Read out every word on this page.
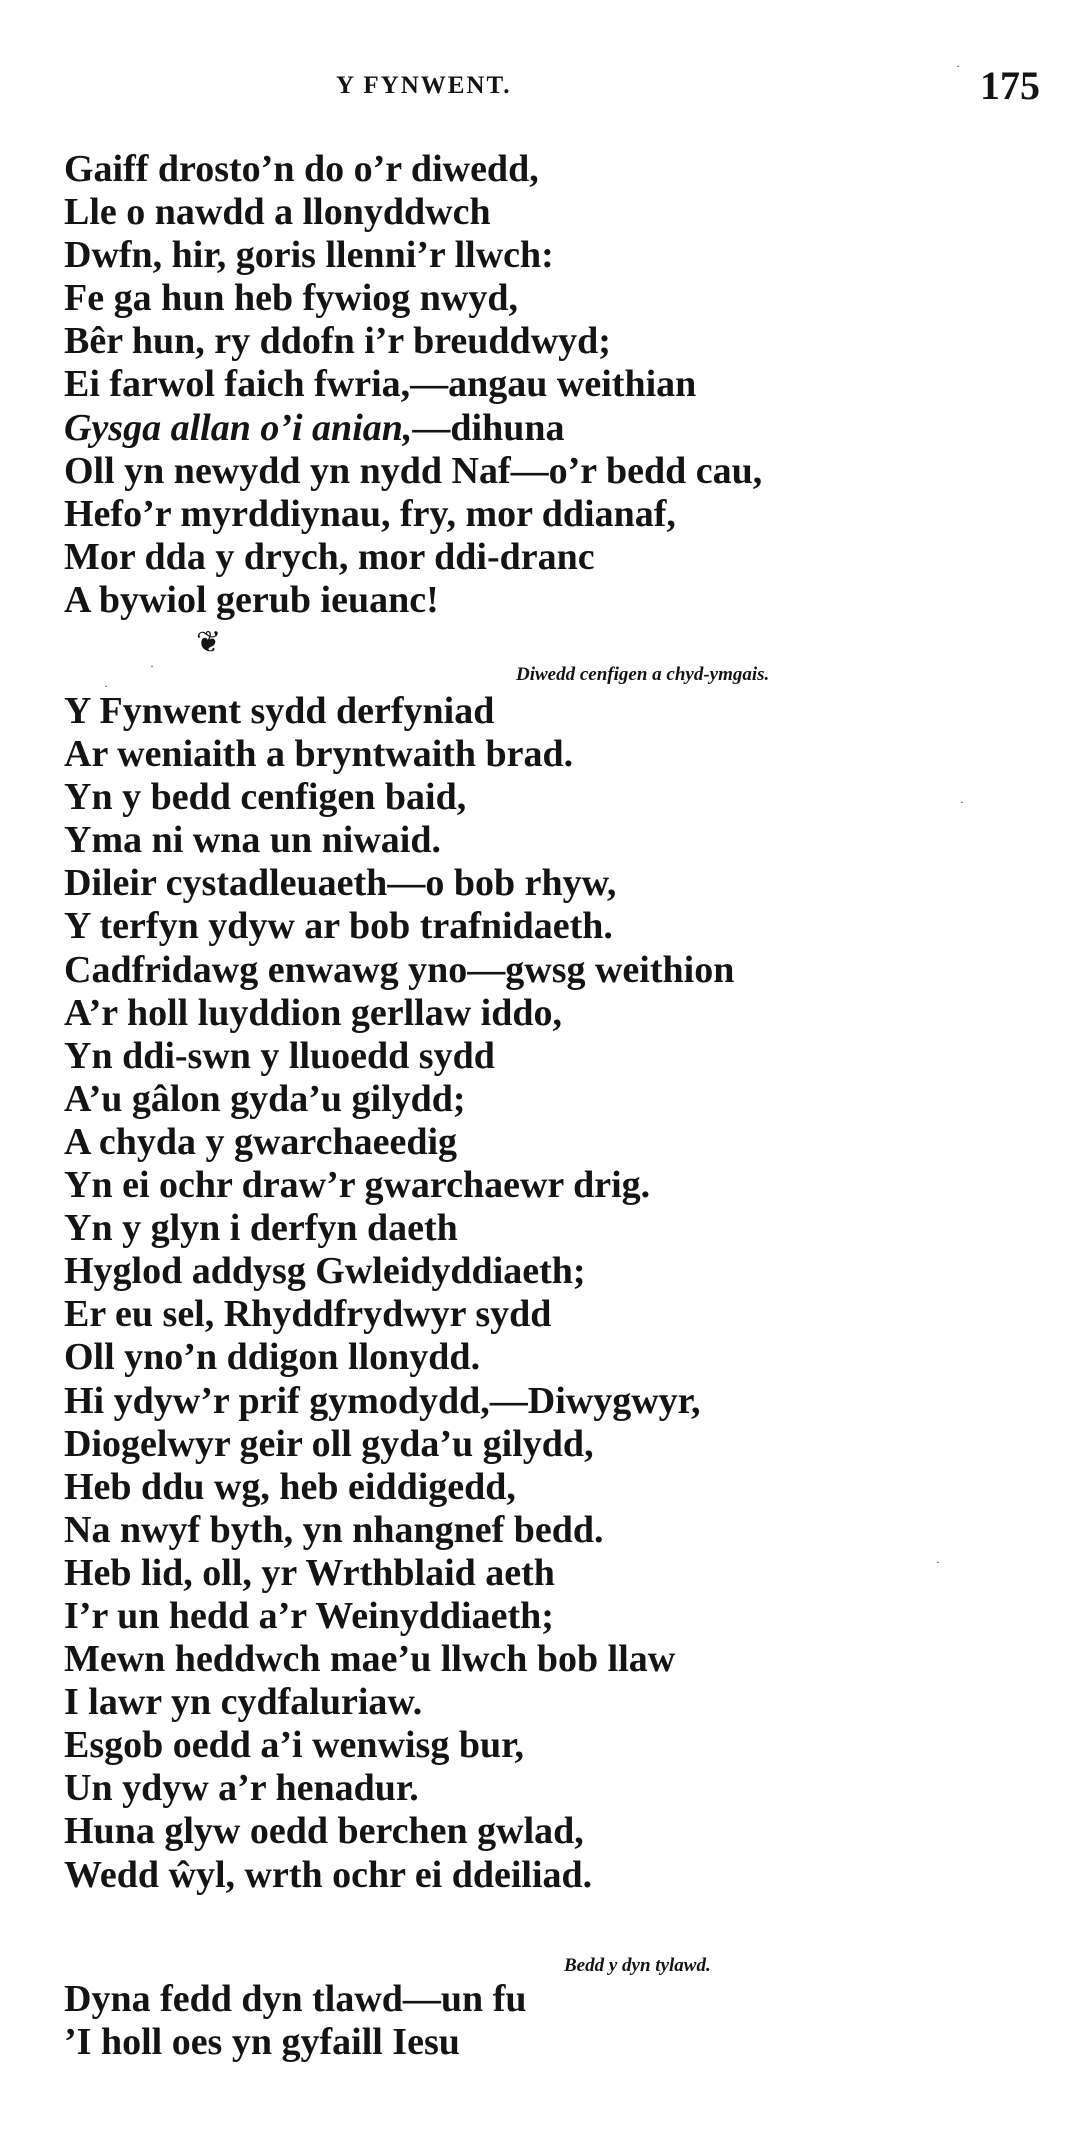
Y FYNWENT.	175
Gaiff drosto’n do o’r diwedd,
Lle o nawdd a llonyddwch
Dwfn, hir, goris llenni’r llwch:
Fe ga hun heb fywiog nwyd,
Bêr hun, ry ddofn i’r breuddwyd;
Ei farwol faich fwria,—angau weithian
Gysga allan o’i anian,—dihuna
Oll yn newydd yn nydd Naf—o’r bedd cau,
Hefo’r myrddiynau, fry, mor ddianaf,
Mor dda y drych, mor ddi-dranc
A bywiol gerub ieuanc!
❦
·
·	Diwedd cenfigen a chyd-ymgais.
Y Fynwent sydd derfyniad
Ar weniaith a bryntwaith brad.
Yn y bedd cenfigen baid,
Yma ni wna un niwaid.
Dileir cystadleuaeth—o bob rhyw,
Y terfyn ydyw ar bob trafnidaeth.
Cadfridawg enwawg yno—gwsg weithion
A’r holl luyddion gerllaw iddo,
Yn ddi-swn y lluoedd sydd
A’u gâlon gyda’u gilydd;
A chyda y gwarchaeedig
Yn ei ochr draw’r gwarchaewr drig.
Yn y glyn i derfyn daeth
Hyglod addysg Gwleidyddiaeth;
Er eu sel, Rhyddfrydwyr sydd
Oll yno’n ddigon llonydd.
Hi ydyw’r prif gymodydd,—Diwygwyr,
Diogelwyr geir oll gyda’u gilydd,
Heb ddu wg, heb eiddigedd,
Na nwyf byth, yn nhangnef bedd.
Heb lid, oll, yr Wrthblaid aeth
I’r un hedd a’r Weinyddiaeth;
Mewn heddwch mae’u llwch bob llaw
I lawr yn cydfaluriaw.
Esgob oedd a’i wenwisg bur,
Un ydyw a’r henadur.
Huna glyw oedd berchen gwlad,
Wedd ŵyl, wrth ochr ei ddeiliad.
·
·
·
Bedd y dyn tylawd.
Dyna fedd dyn tlawd—un fu
’I holl oes yn gyfaill Iesu
